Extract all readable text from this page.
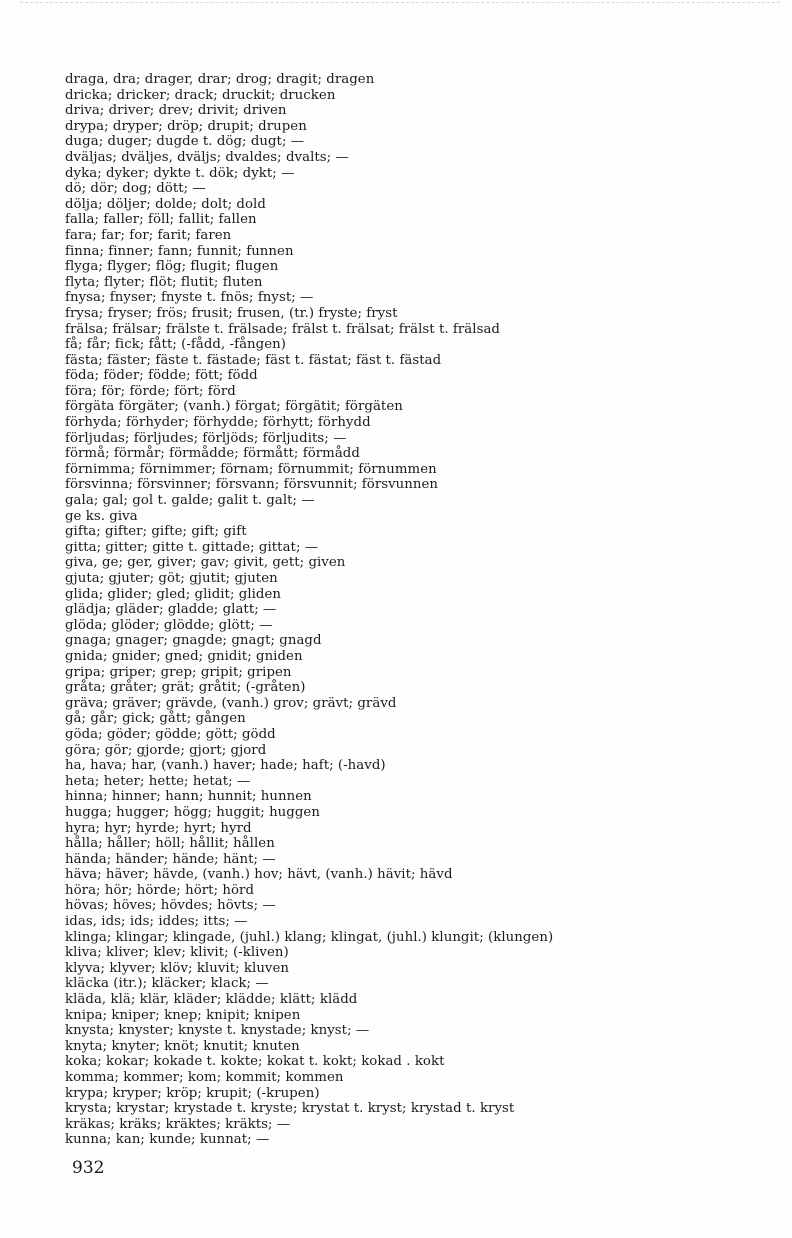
draga, dra; drager, drar; drog; dragit; dragen
dricka; dricker; drack; druckit; drucken
driva; driver; drev; drivit; driven
drypa; dryper; dröp; drupit; drupen
duga; duger; dugde t. dög; dugt; —
dväljas; dväljes, dväljs; dvaldes; dvalts; —
dyka; dyker; dykte t. dök; dykt; —
dö; dör; dog; dött; —
dölja; döljer; dolde; dolt; dold
falla; faller; föll; fallit; fallen
fara; far; for; farit; faren
finna; finner; fann; funnit; funnen
flyga; flyger; flög; flugit; flugen
flyta; flyter; flöt; flutit; fluten
fnysa; fnyser; fnyste t. fnös; fnyst; —
frysa; fryser; frös; frusit; frusen, (tr.) fryste; fryst
frälsa; frälsar; frälste t. frälsade; frälst t. frälsat; frälst t. frälsad
få; får; fick; fått; (-fådd, -fången)
fästa; fäster; fäste t. fästade; fäst t. fästat; fäst t. fästad
föda; föder; födde; fött; född
föra; för; förde; fört; förd
förgäta förgäter; (vanh.) förgat; förgätit; förgäten
förhyda; förhyder; förhydde; förhytt; förhydd
förljudas; förljudes; förljöds; förljudits; —
förmå; förmår; förmådde; förmått; förmådd
förnimma; förnimmer; förnam; förnummit; förnummen
försvinna; försvinner; försvann; försvunnit; försvunnen
gala; gal; gol t. galde; galit t. galt; —
ge ks. giva
gifta; gifter; gifte; gift; gift
gitta; gitter; gitte t. gittade; gittat; —
giva, ge; ger, giver; gav; givit, gett; given
gjuta; gjuter; göt; gjutit; gjuten
glida; glider; gled; glidit; gliden
glädja; gläder; gladde; glatt; —
glöda; glöder; glödde; glött; —
gnaga; gnager; gnagde; gnagt; gnagd
gnida; gnider; gned; gnidit; gniden
gripa; griper; grep; gripit; gripen
gråta; gråter; grät; gråtit; (-gråten)
gräva; gräver; grävde, (vanh.) grov; grävt; grävd
gå; går; gick; gått; gången
göda; göder; gödde; gött; gödd
göra; gör; gjorde; gjort; gjord
ha, hava; har, (vanh.) haver; hade; haft; (-havd)
heta; heter; hette; hetat; —
hinna; hinner; hann; hunnit; hunnen
hugga; hugger; högg; huggit; huggen
hyra; hyr; hyrde; hyrt; hyrd
hålla; håller; höll; hållit; hållen
hända; händer; hände; hänt; —
häva; häver; hävde, (vanh.) hov; hävt, (vanh.) hävit; hävd
höra; hör; hörde; hört; hörd
hövas; höves; hövdes; hövts; —
idas, ids; ids; iddes; itts; —
klinga; klingar; klingade, (juhl.) klang; klingat, (juhl.) klungit; (klungen)
kliva; kliver; klev; klivit; (-kliven)
klyva; klyver; klöv; kluvit; kluven
kläcka (itr.); kläcker; klack; —
kläda, klä; klär, kläder; klädde; klätt; klädd
knipa; kniper; knep; knipit; knipen
knysta; knyster; knyste t. knystade; knyst; —
knyta; knyter; knöt; knutit; knuten
koka; kokar; kokade t. kokte; kokat t. kokt; kokad . kokt
komma; kommer; kom; kommit; kommen
krypa; kryper; kröp; krupit; (-krupen)
krysta; krystar; krystade t. kryste; krystat t. kryst; krystad t. kryst
kräkas; kräks; kräktes; kräkts; —
kunna; kan; kunde; kunnat; —
932
